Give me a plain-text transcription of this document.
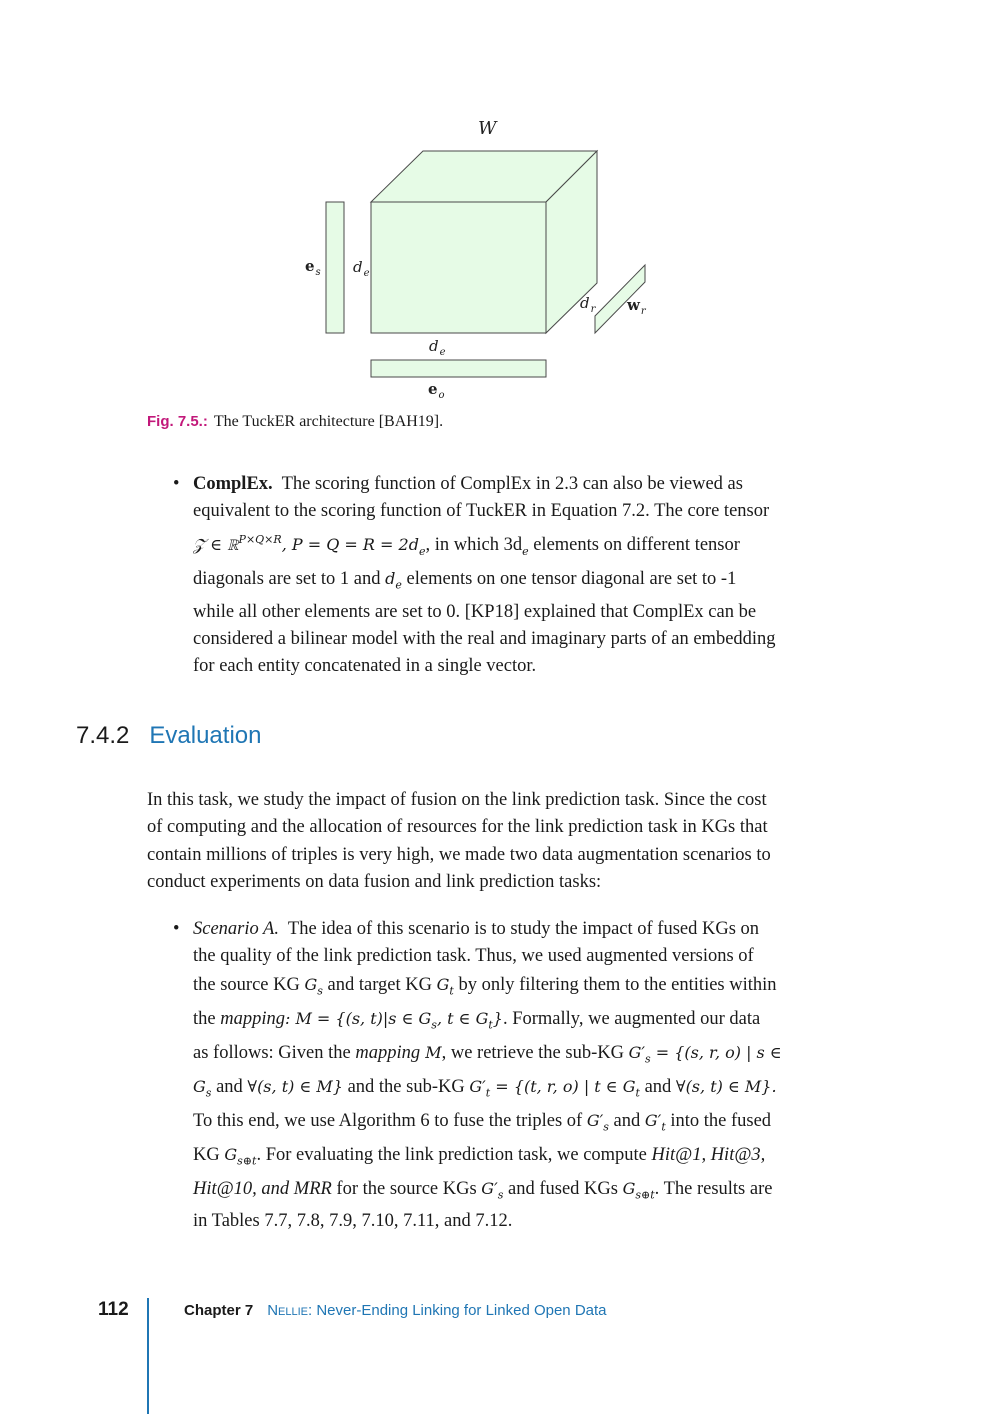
W
$e_s$ $d_e$
$d_e$
$d_r$ $w_r$
$e_o$
Fig. 7.5.: The TuckER architecture [BAH19].
• ComplEx. The scoring function of ComplEx in 2.3 can also be viewed as
equivalent to the scoring function of TuckER in Equation 7.2. The core tensor
𝒵 ∈ ℝ$^{P\times Q\times R}$, $P = Q = R = 2d_e$, in which $3d_e$ elements on different tensor
diagonals are set to 1 and $d_e$ elements on one tensor diagonal are set to -1
while all other elements are set to 0. [KP18] explained that ComplEx can be
considered a bilinear model with the real and imaginary parts of an embedding
for each entity concatenated in a single vector.
7.4.2 Evaluation
In this task, we study the impact of fusion on the link prediction task. Since the cost
of computing and the allocation of resources for the link prediction task in KGs that
contain millions of triples is very high, we made two data augmentation scenarios to
conduct experiments on data fusion and link prediction tasks:
• Scenario A. The idea of this scenario is to study the impact of fused KGs on
the quality of the link prediction task. Thus, we used augmented versions of
the source KG $G_s$ and target KG $G_t$ by only filtering them to the entities within
the mapping: M = {(s, t)|s ∈ $G_s$, t ∈ $G_t$}. Formally, we augmented our data
as follows: Given the mapping M, we retrieve the sub-KG $G'_s = \{(s$, r, o) | s ∈
$G_s$ and ∀(s, t) ∈ M} and the sub-KG $G'_t = \{(t$, r, o) | t ∈ $G_t$ and ∀(s, t) ∈ M}.
To this end, we use Algorithm 6 to fuse the triples of $G'_s$ and $G'_t$ into the fused
KG $G_{s\oplus t}$. For evaluating the link prediction task, we compute Hit@1, Hit@3,
Hit@10, and MRR for the source KGs $G'_s$ and fused KGs $G_{s\oplus t}$. The results are
in Tables 7.7, 7.8, 7.9, 7.10, 7.11, and 7.12.
112	Chapter 7 Nellie: Never-Ending Linking for Linked Open Data
